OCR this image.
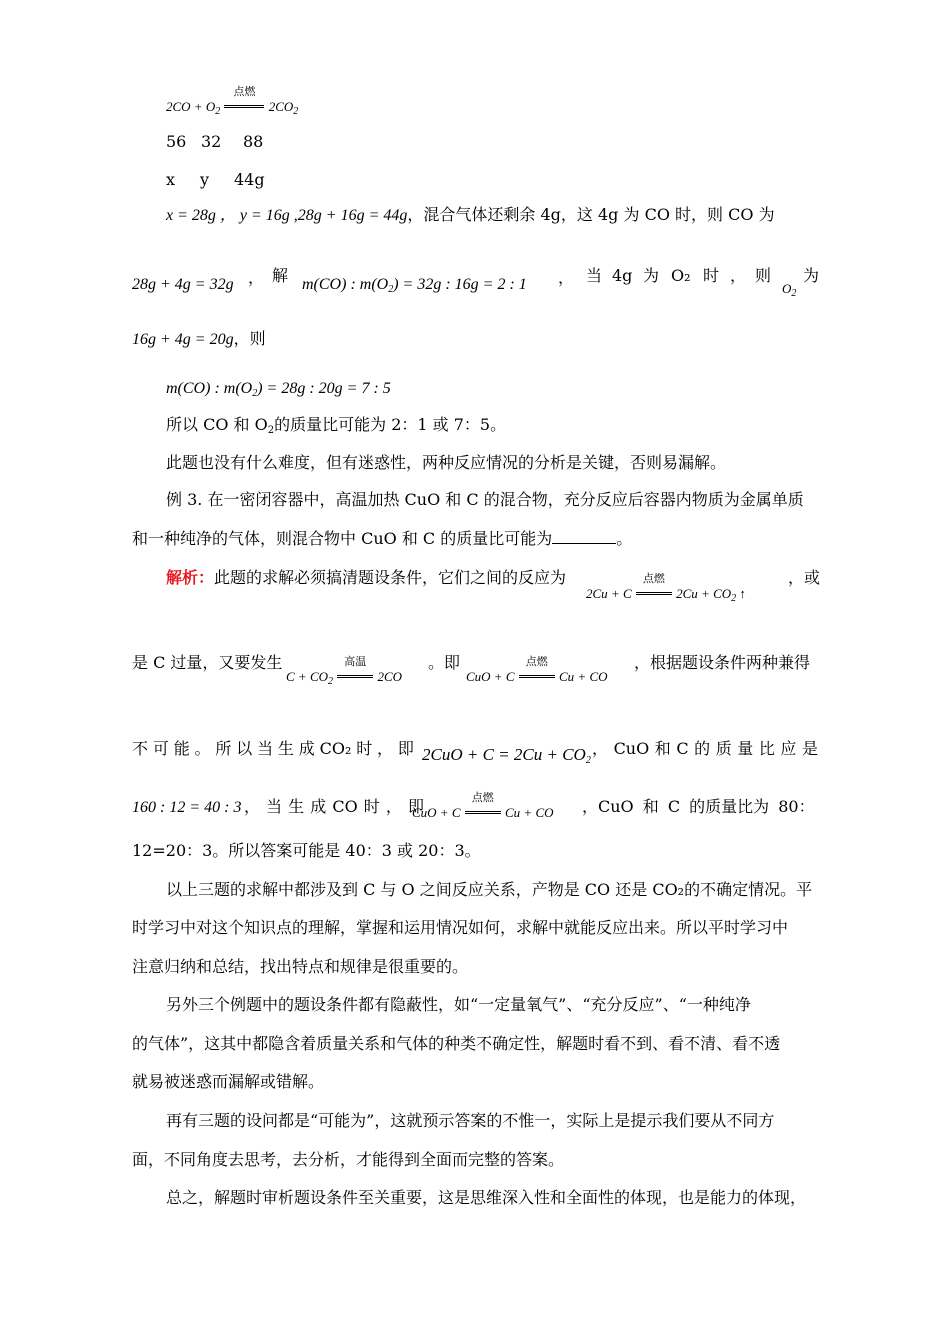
$2CO + O_2$
点燃
$2CO_2$
56 32 88
x y 44g
x = 28g ， y = 16g ,28g + 16g = 44g，混合气体还剩余 4g，这 4g 为 CO 时，则 CO 为
28g + 4g = 32g ， 解 m(CO) : $m(O_2) = 32g$ : 16g = 2 : 1 ， 当 4g 为 O₂ 时 ， 则
$O_2$
为
16g + 4g = 20g，则
m(CO) : $m(O_2) = 28g$ : 20g = 7 : 5
所以 CO 和 $O_2$的质量比可能为 2：1 或 7：5。
此题也没有什么难度，但有迷惑性，两种反应情况的分析是关键，否则易漏解。
例 3. 在一密闭容器中，高温加热 CuO 和 C 的混合物，充分反应后容器内物质为金属单质
和一种纯净的气体，则混合物中 CuO 和 C 的质量比可能为	。
解析：此题的求解必须搞清题设条件，它们之间的反应为
2Cu + C
点燃
$2Cu + CO_2$ ↑
，或
是 C 过量，又要发生
$C + CO_2$
高温
2CO
。即
CuO + C
点燃
Cu + CO
，根据题设条件两种兼得
不 可 能 。 所 以 当 生 成 CO₂ 时 ， 即 $2CuO + C = 2Cu + CO_2$
， CuO 和 C 的 质 量 比 应 是
160 : 12 = 40 : 3 ， 当 生 成 CO 时 ， 即
CuO + C
点燃
Cu + CO ，CuO 和 C 的质量比为 80：
12=20：3。所以答案可能是 40：3 或 20：3。
以上三题的求解中都涉及到 C 与 O 之间反应关系，产物是 CO 还是 CO₂的不确定情况。平
时学习中对这个知识点的理解，掌握和运用情况如何，求解中就能反应出来。所以平时学习中
注意归纳和总结，找出特点和规律是很重要的。
另外三个例题中的题设条件都有隐蔽性，如“一定量氧气”、“充分反应”、“一种纯净
的气体”，这其中都隐含着质量关系和气体的种类不确定性，解题时看不到、看不清、看不透
就易被迷惑而漏解或错解。
再有三题的设问都是“可能为”，这就预示答案的不惟一，实际上是提示我们要从不同方
面，不同角度去思考，去分析，才能得到全面而完整的答案。
总之，解题时审析题设条件至关重要，这是思维深入性和全面性的体现，也是能力的体现，
